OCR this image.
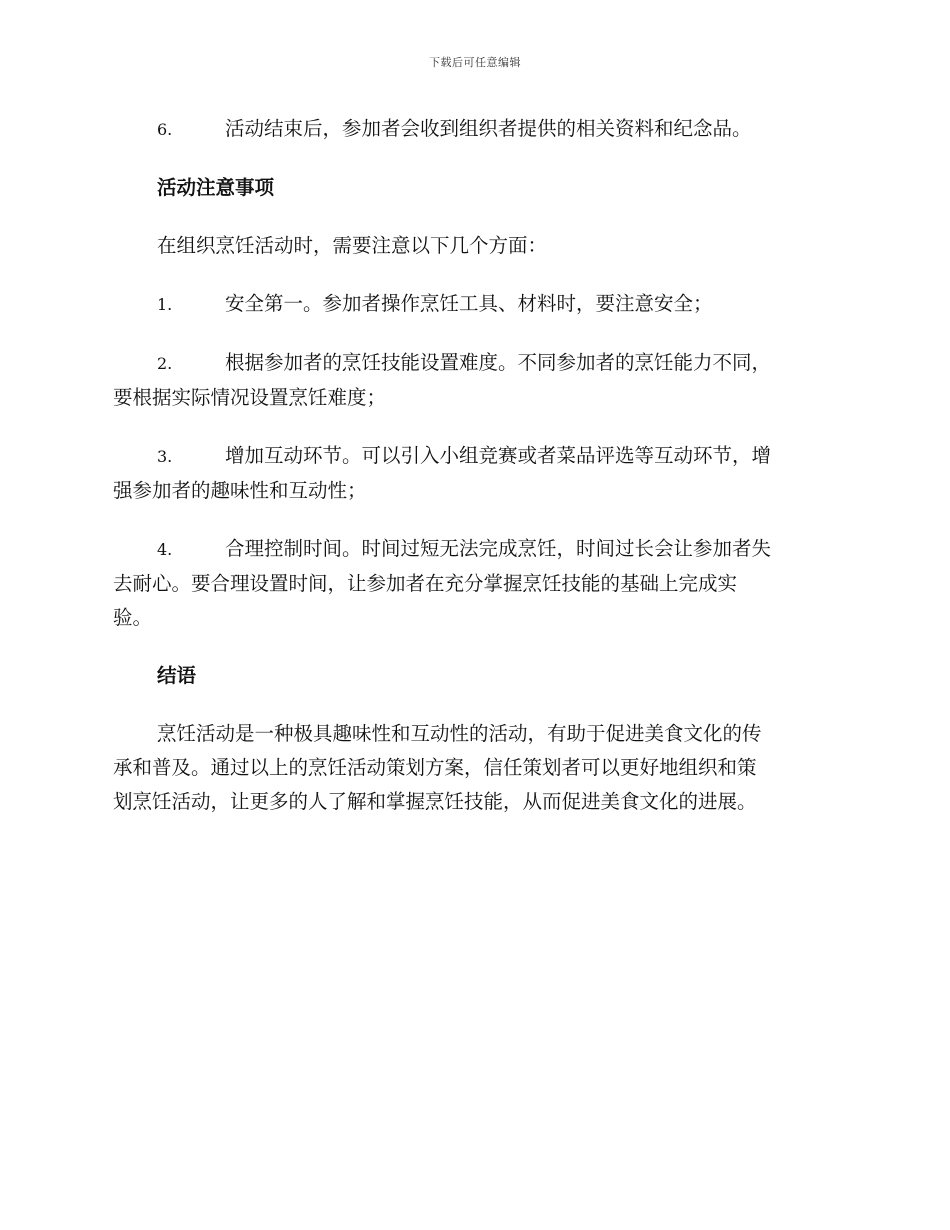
下载后可任意编辑

6.	活动结束后，参加者会收到组织者提供的相关资料和纪念品。

活动注意事项

在组织烹饪活动时，需要注意以下几个方面：

1.	安全第一。参加者操作烹饪工具、材料时，要注意安全；

2.	根据参加者的烹饪技能设置难度。不同参加者的烹饪能力不同，

要根据实际情况设置烹饪难度；

3.	增加互动环节。可以引入小组竞赛或者菜品评选等互动环节，增

强参加者的趣味性和互动性；

4.	合理控制时间。时间过短无法完成烹饪，时间过长会让参加者失

去耐心。要合理设置时间，让参加者在充分掌握烹饪技能的基础上完成实

验。

结语

烹饪活动是一种极具趣味性和互动性的活动，有助于促进美食文化的传

承和普及。通过以上的烹饪活动策划方案，信任策划者可以更好地组织和策

划烹饪活动，让更多的人了解和掌握烹饪技能，从而促进美食文化的进展。
